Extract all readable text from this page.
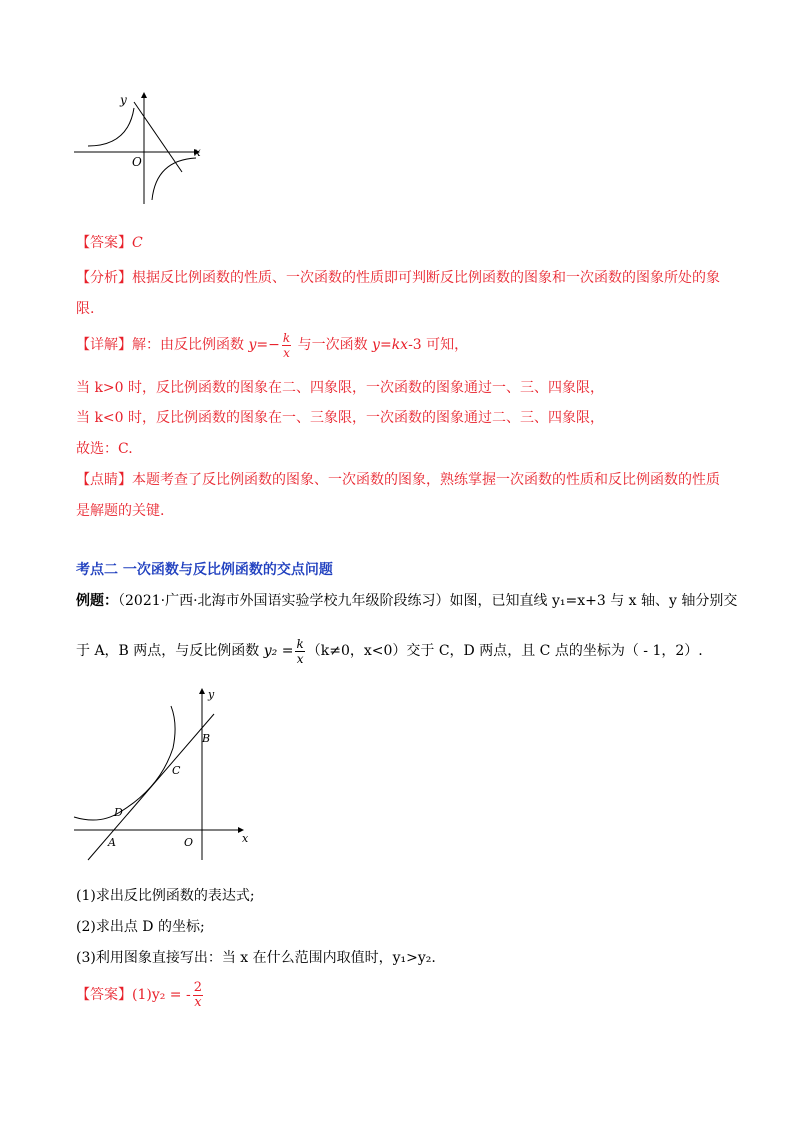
y
x
O
【答案】C
【分析】根据反比例函数的性质、一次函数的性质即可判断反比例函数的图象和一次函数的图象所处的象
限.
【详解】解：由反比例函数 $y=- \frac{k}{x}$ 与一次函数 y=kx-3 可知，
当 k>0 时，反比例函数的图象在二、四象限，一次函数的图象通过一、三、四象限，
当 k<0 时，反比例函数的图象在一、三象限，一次函数的图象通过二、三、四象限，
故选：C.
【点睛】本题考查了反比例函数的图象、一次函数的图象，熟练掌握一次函数的性质和反比例函数的性质
是解题的关键.
考点二 一次函数与反比例函数的交点问题
例题：（2021·广西·北海市外国语实验学校九年级阶段练习）如图，已知直线 y₁=x+3 与 x 轴、y 轴分别交
于 A，B 两点，与反比例函数 $y_2 = \frac{k}{x} (k\ne 0$，x<0）交于 C，D 两点，且 C 点的坐标为（ - 1，2）.
B
C
D
A	O
y
x
(1)求出反比例函数的表达式;
(2)求出点 D 的坐标;
(3)利用图象直接写出：当 x 在什么范围内取值时，y₁>y₂.
【答案】(1)y₂ = - $\frac{2}{x}$
